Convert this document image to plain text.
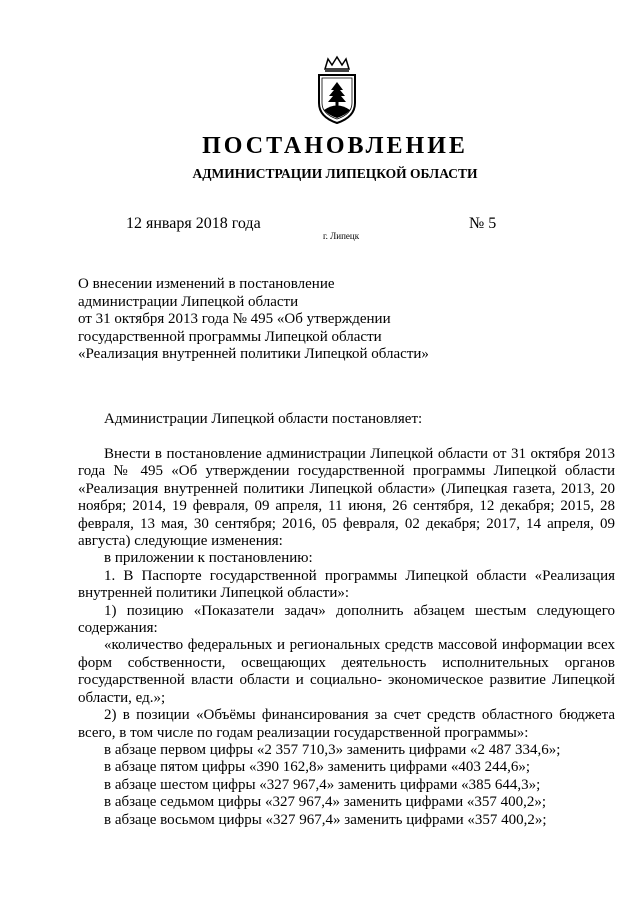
ПОСТАНОВЛЕНИЕ
АДМИНИСТРАЦИИ ЛИПЕЦКОЙ ОБЛАСТИ
12 января 2018 года
г. Липецк
№ 5
О внесении изменений в постановление
администрации Липецкой области
от 31 октября 2013 года № 495 «Об утверждении
государственной программы Липецкой области
«Реализация внутренней политики Липецкой области»
Администрации Липецкой области постановляет:

Внести в постановление администрации Липецкой области от 31 октября 2013 года № 495 «Об утверждении государственной программы Липецкой области «Реализация внутренней политики Липецкой области» (Липецкая газета, 2013, 20 ноября; 2014, 19 февраля, 09 апреля, 11 июня, 26 сентября, 12 декабря; 2015, 28 февраля, 13 мая, 30 сентября; 2016, 05 февраля, 02 декабря; 2017, 14 апреля, 09 августа) следующие изменения:

в приложении к постановлению:

1. В Паспорте государственной программы Липецкой области «Реализация внутренней политики Липецкой области»:

1) позицию «Показатели задач» дополнить абзацем шестым следующего содержания:

«количество федеральных и региональных средств массовой информации всех форм собственности, освещающих деятельность исполнительных органов государственной власти области и социально- экономическое развитие Липецкой области, ед.»;

2) в позиции «Объёмы финансирования за счет средств областного бюджета всего, в том числе по годам реализации государственной программы»:

в абзаце первом цифры «2 357 710,3» заменить цифрами «2 487 334,6»;

в абзаце пятом цифры «390 162,8» заменить цифрами «403 244,6»;

в абзаце шестом цифры «327 967,4» заменить цифрами «385 644,3»;

в абзаце седьмом цифры «327 967,4» заменить цифрами «357 400,2»;

в абзаце восьмом цифры «327 967,4» заменить цифрами «357 400,2»;
